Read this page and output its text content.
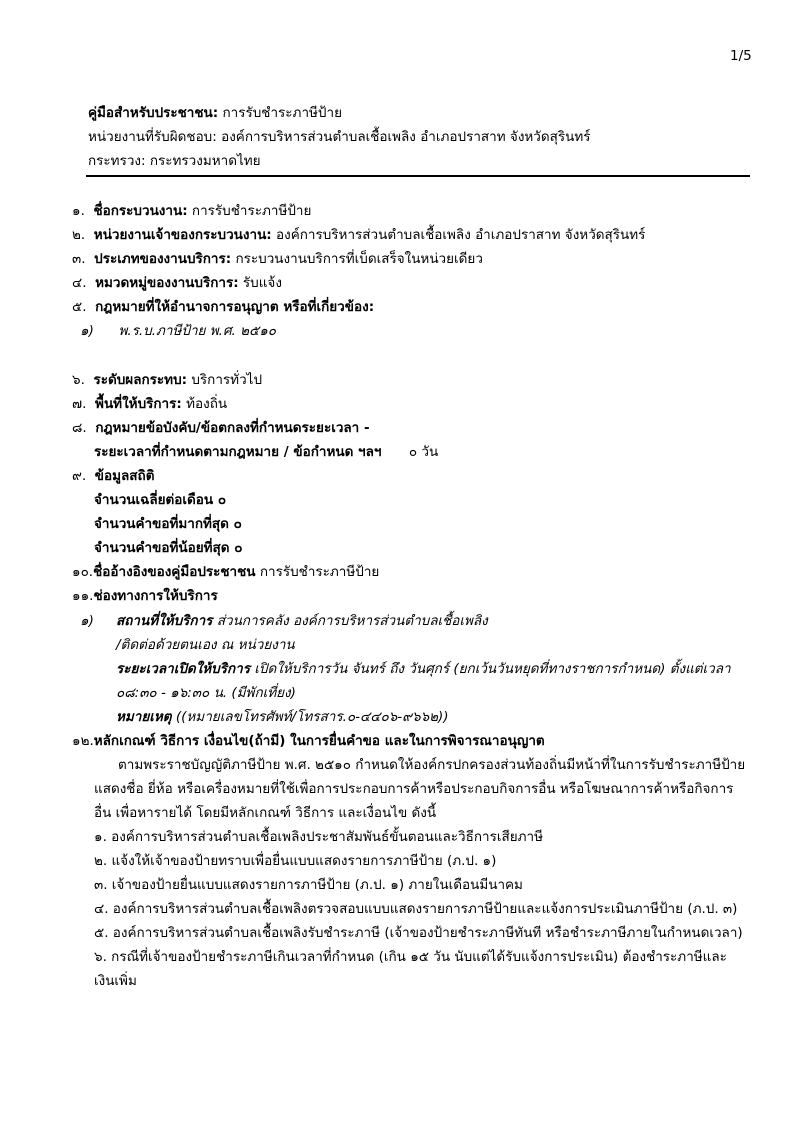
1/5
คู่มือสำหรับประชาชน: การรับชำระภาษีป้าย
หน่วยงานที่รับผิดชอบ: องค์การบริหารส่วนตำบลเชื้อเพลิง อำเภอปราสาท จังหวัดสุรินทร์
กระทรวง: กระทรวงมหาดไทย
๑. ชื่อกระบวนงาน: การรับชำระภาษีป้าย
๒. หน่วยงานเจ้าของกระบวนงาน: องค์การบริหารส่วนตำบลเชื้อเพลิง อำเภอปราสาท จังหวัดสุรินทร์
๓. ประเภทของงานบริการ: กระบวนงานบริการที่เบ็ดเสร็จในหน่วยเดียว
๔. หมวดหมู่ของงานบริการ: รับแจ้ง
๕. กฎหมายที่ให้อำนาจการอนุญาต หรือที่เกี่ยวข้อง:
๑) พ.ร.บ.ภาษีป้าย พ.ศ. ๒๕๑๐
๖. ระดับผลกระทบ: บริการทั่วไป
๗. พื้นที่ให้บริการ: ท้องถิ่น
๘. กฎหมายข้อบังคับ/ข้อตกลงที่กำหนดระยะเวลา -
ระยะเวลาที่กำหนดตามกฎหมาย / ข้อกำหนด ฯลฯ ๐ วัน
๙. ข้อมูลสถิติ
จำนวนเฉลี่ยต่อเดือน ๐
จำนวนคำขอที่มากที่สุด ๐
จำนวนคำขอที่น้อยที่สุด ๐
๑๐.ชื่ออ้างอิงของคู่มือประชาชน การรับชำระภาษีป้าย
๑๑.ช่องทางการให้บริการ
๑) สถานที่ให้บริการ ส่วนการคลัง องค์การบริหารส่วนตำบลเชื้อเพลิง
/ติดต่อด้วยตนเอง ณ หน่วยงาน
ระยะเวลาเปิดให้บริการ เปิดให้บริการวัน จันทร์ ถึง วันศุกร์ (ยกเว้นวันหยุดที่ทางราชการกำหนด) ตั้งแต่เวลา
๐๘:๓๐ - ๑๖:๓๐ น. (มีพักเที่ยง)
หมายเหตุ ((หมายเลขโทรศัพท์/โทรสาร.๐-๔๔๐๖-๙๖๖๒))
๑๒.หลักเกณฑ์ วิธีการ เงื่อนไข(ถ้ามี) ในการยื่นคำขอ และในการพิจารณาอนุญาต
ตามพระราชบัญญัติภาษีป้าย พ.ศ. ๒๕๑๐ กำหนดให้องค์กรปกครองส่วนท้องถิ่นมีหน้าที่ในการรับชำระภาษีป้าย แสดงชื่อ ยี่ห้อ หรือเครื่องหมายที่ใช้เพื่อการประกอบการค้าหรือประกอบกิจการอื่น หรือโฆษณาการค้าหรือกิจการอื่น เพื่อหารายได้ โดยมีหลักเกณฑ์ วิธีการ และเงื่อนไข ดังนี้
๑. องค์การบริหารส่วนตำบลเชื้อเพลิงประชาสัมพันธ์ขั้นตอนและวิธีการเสียภาษี
๒. แจ้งให้เจ้าของป้ายทราบเพื่อยื่นแบบแสดงรายการภาษีป้าย (ภ.ป. ๑)
๓. เจ้าของป้ายยื่นแบบแสดงรายการภาษีป้าย (ภ.ป. ๑) ภายในเดือนมีนาคม
๔. องค์การบริหารส่วนตำบลเชื้อเพลิงตรวจสอบแบบแสดงรายการภาษีป้ายและแจ้งการประเมินภาษีป้าย (ภ.ป. ๓)
๕. องค์การบริหารส่วนตำบลเชื้อเพลิงรับชำระภาษี (เจ้าของป้ายชำระภาษีทันที หรือชำระภาษีภายในกำหนดเวลา)
๖. กรณีที่เจ้าของป้ายชำระภาษีเกินเวลาที่กำหนด (เกิน ๑๕ วัน นับแต่ได้รับแจ้งการประเมิน) ต้องชำระภาษีและเงินเพิ่ม
